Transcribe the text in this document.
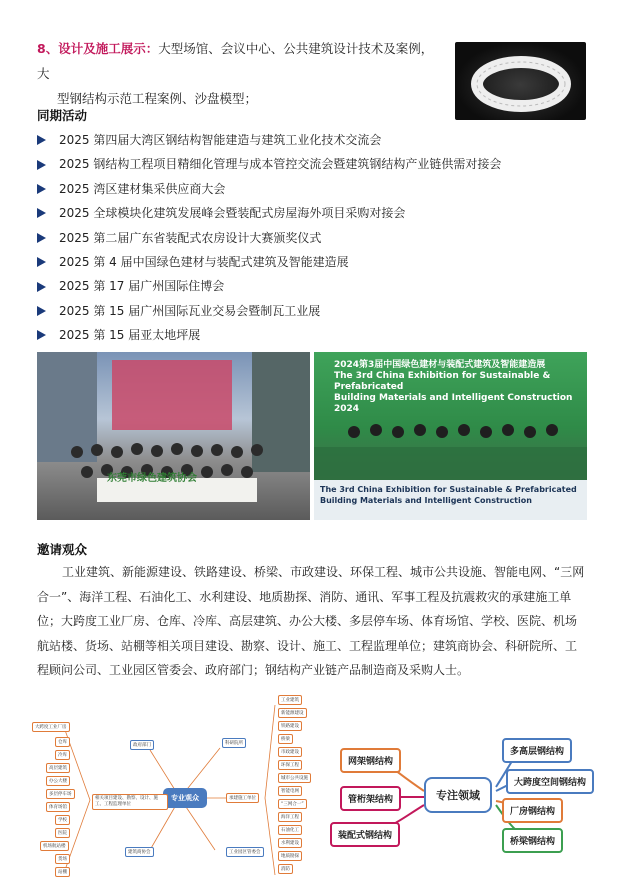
8、设计及施工展示：大型场馆、会议中心、公共建筑设计技术及案例，大
型钢结构示范工程案例、沙盘模型；
同期活动
2025 第四届大湾区钢结构智能建造与建筑工业化技术交流会
2025 钢结构工程项目精细化管理与成本管控交流会暨建筑钢结构产业链供需对接会
2025 湾区建材集采供应商大会
2025 全球模块化建筑发展峰会暨装配式房屋海外项目采购对接会
2025 第二届广东省装配式农房设计大赛颁奖仪式
2025 第 4 届中国绿色建材与装配式建筑及智能建造展
2025 第 17 届广州国际住博会
2025 第 15 届广州国际瓦业交易会暨制瓦工业展
2025 第 15 届亚太地坪展
东莞市绿色建筑协会
2024第3届中国绿色建材与装配式建筑及智能建造展
The 3rd China Exhibition for Sustainable & Prefabricated
Building Materials and Intelligent Construction 2024
The 3rd China Exhibition for Sustainable & Prefabricated
Building Materials and Intelligent Construction
邀请观众
工业建筑、新能源建设、铁路建设、桥梁、市政建设、环保工程、城市公共设施、智能电网、“三网合一”、海洋工程、石油化工、水利建设、地质勘探、消防、通讯、军事工程及抗震救灾的承建施工单位；大跨度工业厂房、仓库、冷库、高层建筑、办公大楼、多层停车场、体育场馆、学校、医院、机场航站楼、货场、站棚等相关项目建设、勘察、设计、施工、工程监理单位；建筑商协会、科研院所、工程顾问公司、工业园区管委会、政府部门；钢结构产业链产品制造商及采购人士。
专业观众
大跨度工业厂房
仓库
冷库
高层建筑
办公大楼
多层停车场
体育场馆
学校
医院
机场航站楼
货场
站棚
相关项目建设、勘察、设计、施工、工程监理单位
政府部门	科研院所
承建施工单位
工业建筑
新能源建设
铁路建设
桥梁
市政建设
环保工程
城市公共设施
智能电网
“三网合一”
海洋工程
石油化工
水利建设
地质勘探
消防
建筑商协会	工业园区管委会
专注领域
网架钢结构
管桁架结构
装配式钢结构
多高层钢结构
大跨度空间钢结构
厂房钢结构
桥梁钢结构
